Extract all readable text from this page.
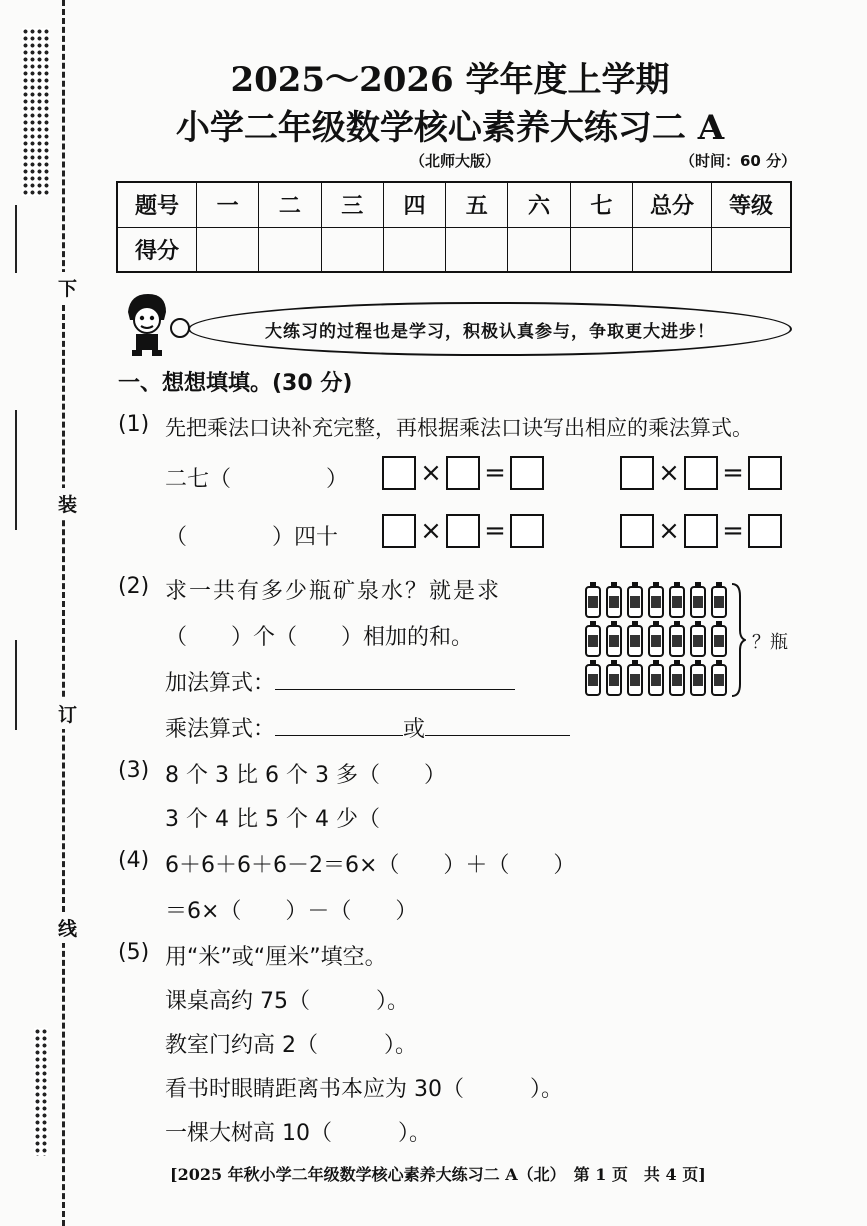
下
装
订
线
2025～2026 学年度上学期
小学二年级数学核心素养大练习二 A
（北师大版）	（时间：60 分）
题号	一	二	三	四	五	六	七	总分	等级
得分									
大练习的过程也是学习，积极认真参与，争取更大进步！
一、想想填填。(30 分)
(1) 先把乘法口诀补充完整，再根据乘法口诀写出相应的乘法算式。
二七（	）	× =	× =
（	）四十	× =	× =
(2) 求一共有多少瓶矿泉水？就是求
（　　）个（　　）相加的和。
加法算式：
乘法算式：	或
？瓶
(3) 8 个 3 比 6 个 3 多（　　）
3 个 4 比 5 个 4 少（
(4) 6＋6＋6＋6－2＝6×（　　）＋（　　）
＝6×（　　）－（　　）
(5) 用“米”或“厘米”填空。
课桌高约 75（　　　）。
教室门约高 2（　　　）。
看书时眼睛距离书本应为 30（　　　）。
一棵大树高 10（　　　）。
[2025 年秋小学二年级数学核心素养大练习二 A（北）　第 1 页　共 4 页]
